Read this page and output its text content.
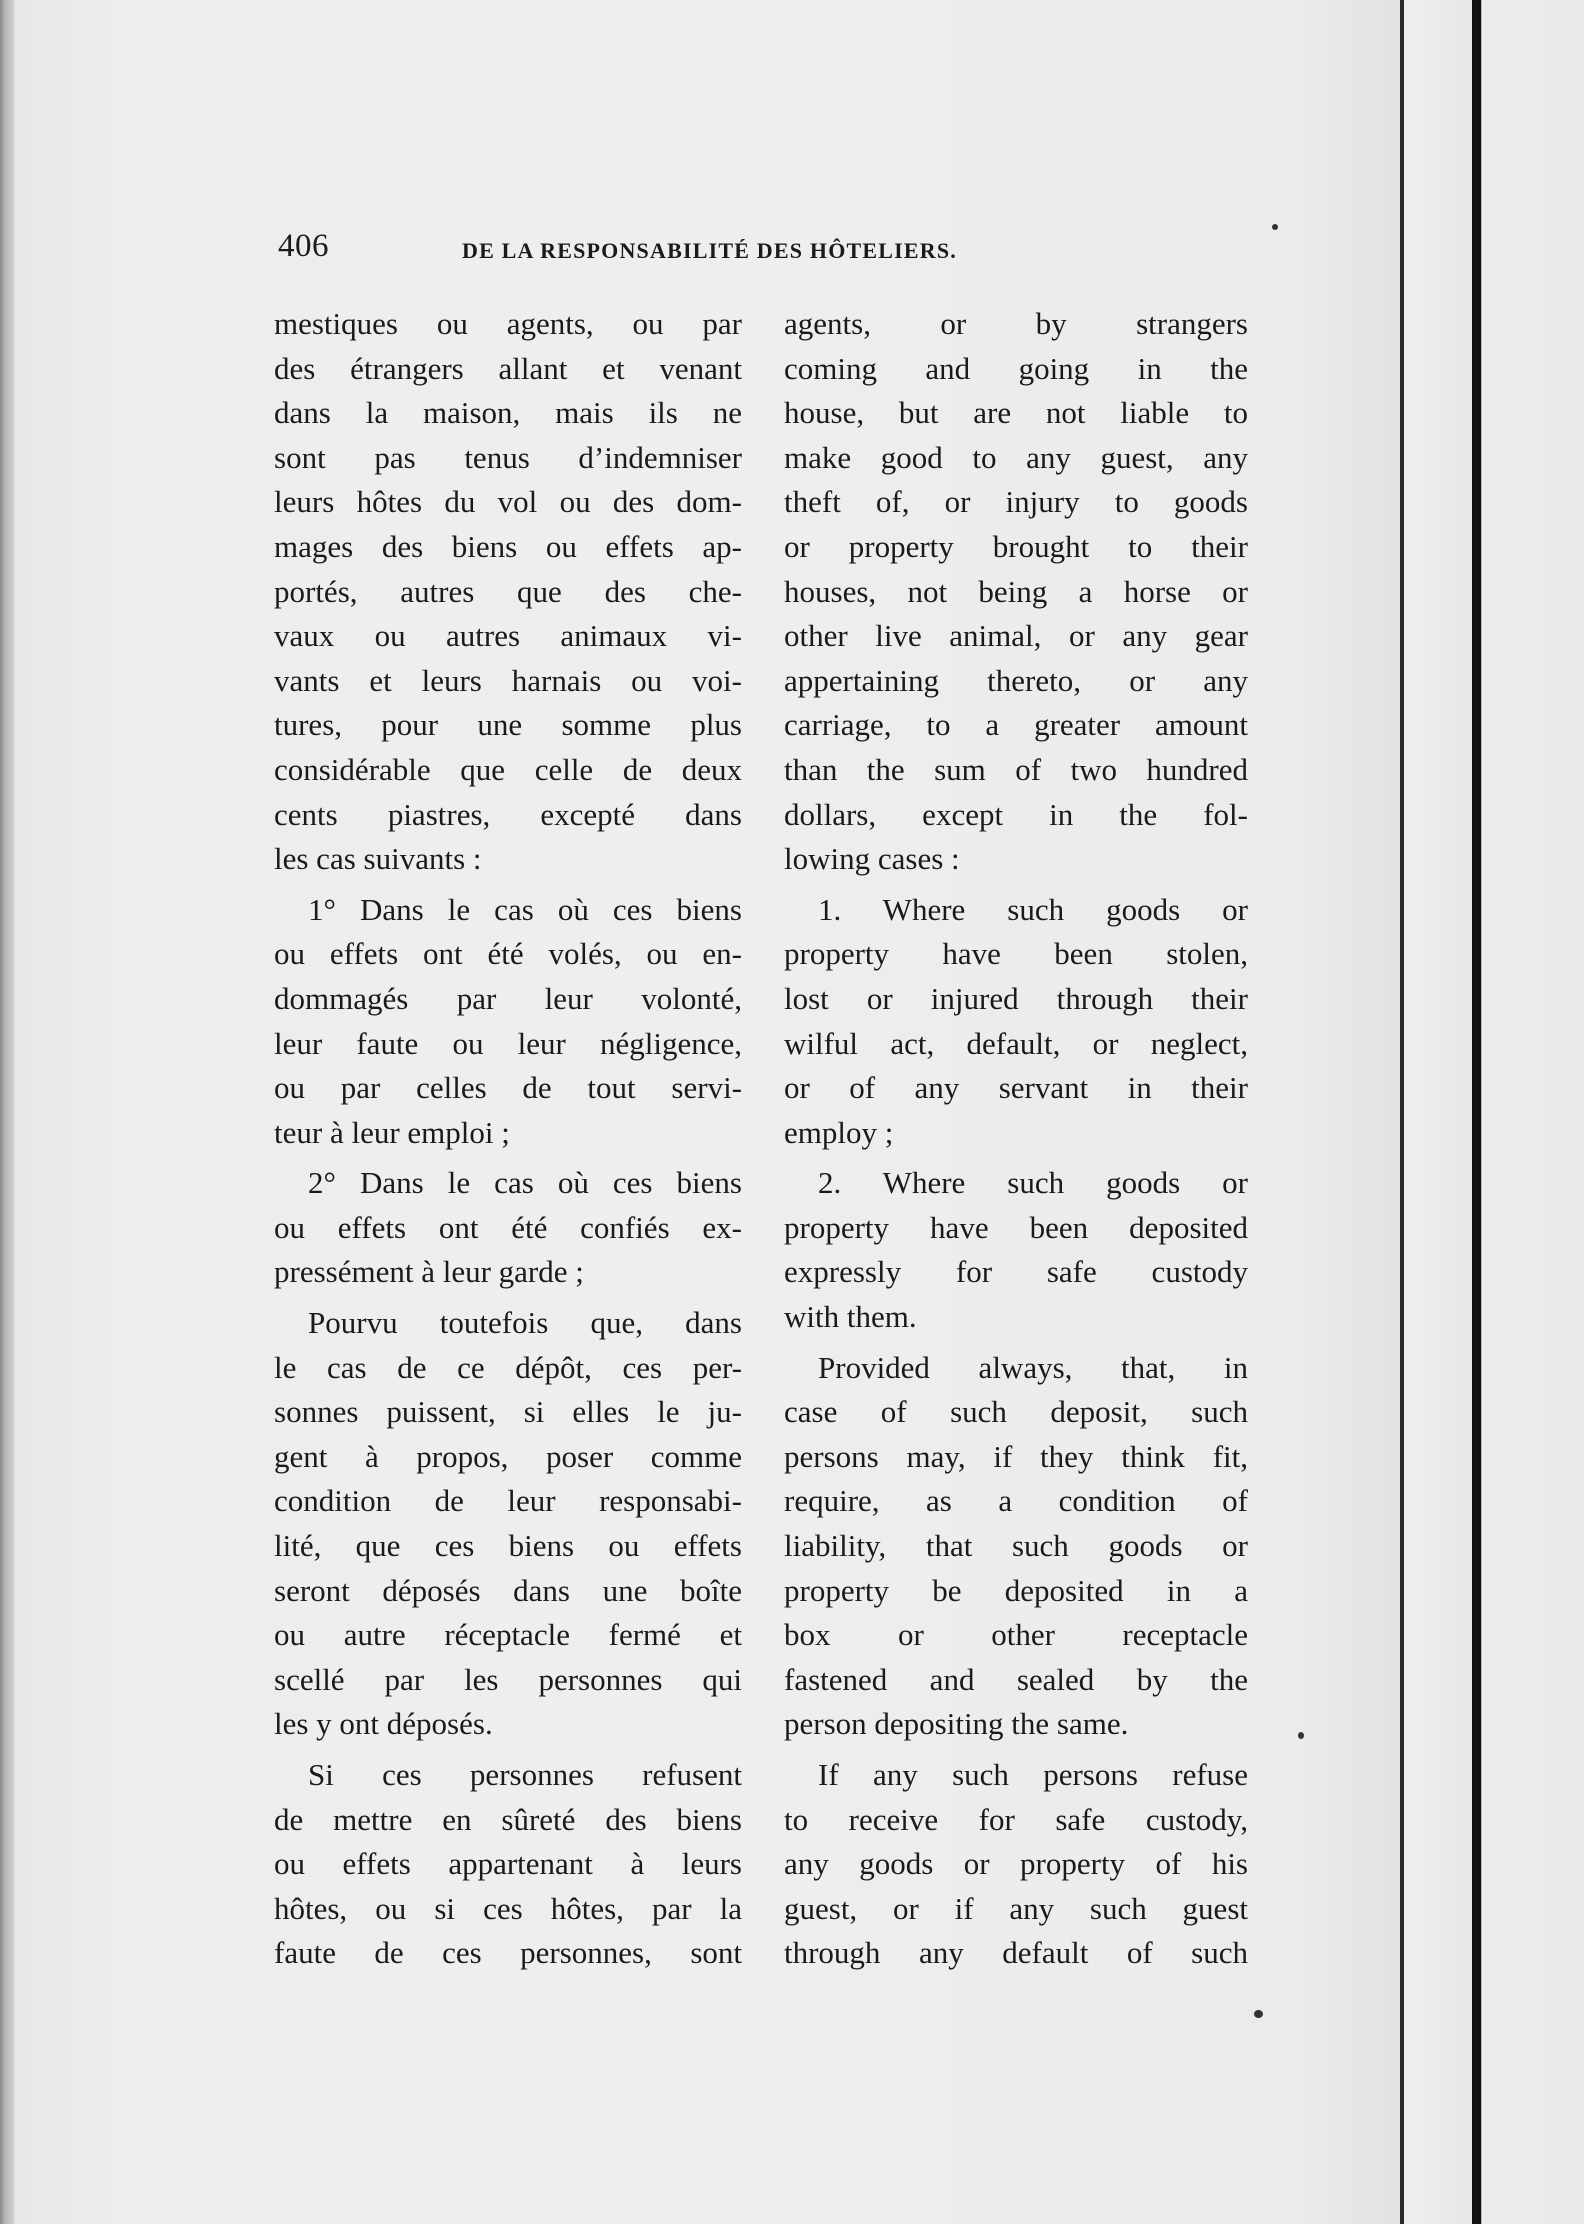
406	DE LA RESPONSABILITÉ DES HÔTELIERS.
mestiques ou agents, ou par
des étrangers allant et venant
dans la maison, mais ils ne
sont pas tenus d’indemniser
leurs hôtes du vol ou des dom-
mages des biens ou effets ap-
portés, autres que des che-
vaux ou autres animaux vi-
vants et leurs harnais ou voi-
tures, pour une somme plus
considérable que celle de deux
cents piastres, excepté dans
les cas suivants :
1° Dans le cas où ces biens
ou effets ont été volés, ou en-
dommagés par leur volonté,
leur faute ou leur négligence,
ou par celles de tout servi-
teur à leur emploi ;
2° Dans le cas où ces biens
ou effets ont été confiés ex-
pressément à leur garde ;
Pourvu toutefois que, dans
le cas de ce dépôt, ces per-
sonnes puissent, si elles le ju-
gent à propos, poser comme
condition de leur responsabi-
lité, que ces biens ou effets
seront déposés dans une boîte
ou autre réceptacle fermé et
scellé par les personnes qui
les y ont déposés.
Si ces personnes refusent
de mettre en sûreté des biens
ou effets appartenant à leurs
hôtes, ou si ces hôtes, par la
faute de ces personnes, sont
agents, or by strangers
coming and going in the
house, but are not liable to
make good to any guest, any
theft of, or injury to goods
or property brought to their
houses, not being a horse or
other live animal, or any gear
appertaining thereto, or any
carriage, to a greater amount
than the sum of two hundred
dollars, except in the fol-
lowing cases :
1. Where such goods or
property have been stolen,
lost or injured through their
wilful act, default, or neglect,
or of any servant in their
employ ;
2. Where such goods or
property have been deposited
expressly for safe custody
with them.
Provided always, that, in
case of such deposit, such
persons may, if they think fit,
require, as a condition of
liability, that such goods or
property be deposited in a
box or other receptacle
fastened and sealed by the
person depositing the same.
If any such persons refuse
to receive for safe custody,
any goods or property of his
guest, or if any such guest
through any default of such
